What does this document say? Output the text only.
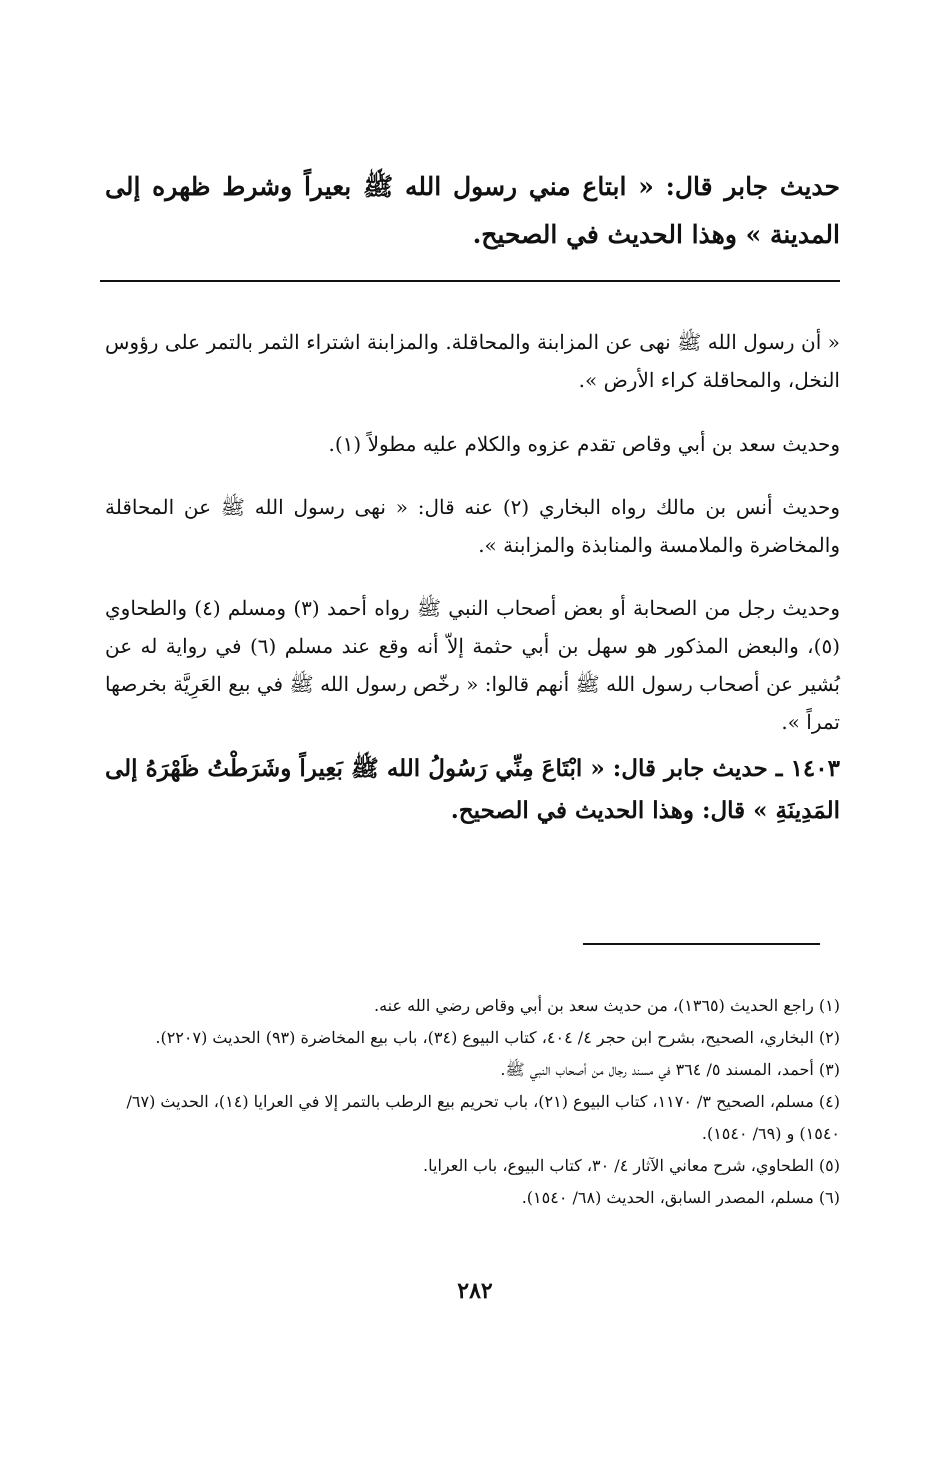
حديث جابر قال: « ابتاع مني رسول الله ﷺ بعيراً وشرط ظهره إلى المدينة » وهذا الحديث في الصحيح.
« أن رسول الله ﷺ نهى عن المزابنة والمحاقلة. والمزابنة اشتراء الثمر بالتمر على رؤوس النخل، والمحاقلة كراء الأرض ».
وحديث سعد بن أبي وقاص تقدم عزوه والكلام عليه مطولاً (١).
وحديث أنس بن مالك رواه البخاري (٢) عنه قال: « نهى رسول الله ﷺ عن المحاقلة والمخاضرة والملامسة والمنابذة والمزابنة ».
وحديث رجل من الصحابة أو بعض أصحاب النبي ﷺ رواه أحمد (٣) ومسلم (٤) والطحاوي (٥)، والبعض المذكور هو سهل بن أبي حثمة إلاّ أنه وقع عند مسلم (٦) في رواية له عن بُشير عن أصحاب رسول الله ﷺ أنهم قالوا: « رخّص رسول الله ﷺ في بيع العَرِيَّة بخرصها تمراً ».
١٤٠٣ ـ حديث جابر قال: « ابْتَاعَ مِنِّي رَسُولُ الله ﷺ بَعِيراً وشَرَطْتُ ظَهْرَهُ إلى المَدِينَةِ » قال: وهذا الحديث في الصحيح.
(١) راجع الحديث (١٣٦٥)، من حديث سعد بن أبي وقاص رضي الله عنه.
(٢) البخاري، الصحيح، بشرح ابن حجر ٤/ ٤٠٤، كتاب البيوع (٣٤)، باب بيع المخاضرة (٩٣) الحديث (٢٢٠٧).
(٣) أحمد، المسند ٥/ ٣٦٤ في مسند رجال من أصحاب النبي ﷺ.
(٤) مسلم، الصحيح ٣/ ١١٧٠، كتاب البيوع (٢١)، باب تحريم بيع الرطب بالتمر إلا في العرايا (١٤)، الحديث (٦٧/ ١٥٤٠) و (٦٩/ ١٥٤٠).
(٥) الطحاوي، شرح معاني الآثار ٤/ ٣٠، كتاب البيوع، باب العرايا.
(٦) مسلم، المصدر السابق، الحديث (٦٨/ ١٥٤٠).
٢٨٢
